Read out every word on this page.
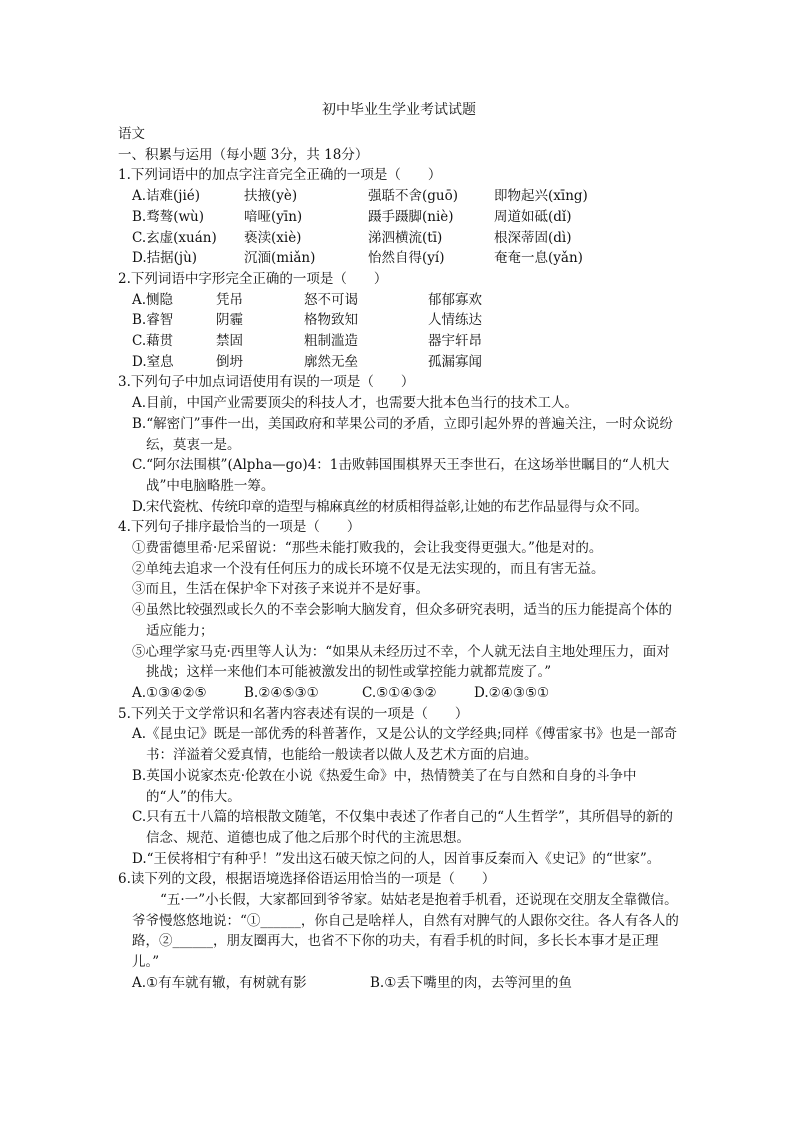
初中毕业生学业考试试题
语文
一、积累与运用（每小题 3分，共 18分）
1.下列词语中的加点字注音完全正确的一项是（　　）
A.诘难(jié)	扶掖(yè)	强聒不舍(guō)	即物起兴(xīng)
B.骛骜(wù)	喑哑(yīn)	蹑手蹑脚(niè)	周道如砥(dǐ)
C.玄虚(xuán)	亵渎(xiè)	涕泗横流(tī)	根深蒂固(dì)
D.拮据(jù)	沉湎(miǎn)	怡然自得(yí)	奄奄一息(yǎn)
2.下列词语中字形完全正确的一项是（　　）
A.恻隐	凭吊	怒不可谒	郁郁寡欢
B.睿智	阴霾	格物致知	人情练达
C.藉贯	禁固	粗制滥造	器宇轩昂
D.窒息	倒坍	廓然无垒	孤漏寡闻
3.下列句子中加点词语使用有误的一项是（　　）
A.目前，中国产业需要顶尖的科技人才，也需要大批本色当行的技术工人。
B.“解密门”事件一出，美国政府和苹果公司的矛盾，立即引起外界的普遍关注，一时众说纷纭，莫衷一是。
C.“阿尔法围棋”(Alpha—go)4：1击败韩国围棋界天王李世石，在这场举世瞩目的“人机大战”中电脑略胜一筹。
D.宋代瓷枕、传统印章的造型与棉麻真丝的材质相得益彰,让她的布艺作品显得与众不同。
4.下列句子排序最恰当的一项是（　　）
①费雷德里希·尼采留说：“那些未能打败我的，会让我变得更强大。”他是对的。
②单纯去追求一个没有任何压力的成长环境不仅是无法实现的，而且有害无益。
③而且，生活在保护伞下对孩子来说并不是好事。
④虽然比较强烈或长久的不幸会影响大脑发育，但众多研究表明，适当的压力能提高个体的适应能力；
⑤心理学家马克·西里等人认为：“如果从未经历过不幸，个人就无法自主地处理压力，面对挑战；这样一来他们本可能被激发出的韧性或掌控能力就都荒废了。”
A.①③④②⑤	B.②④⑤③①	C.⑤①④③②	D.②④③⑤①
5.下列关于文学常识和名著内容表述有误的一项是（　　）
A.《昆虫记》既是一部优秀的科普著作，又是公认的文学经典;同样《傅雷家书》也是一部奇书：洋溢着父爱真情，也能给一般读者以做人及艺术方面的启迪。
B.英国小说家杰克·伦敦在小说《热爱生命》中，热情赞美了在与自然和自身的斗争中的“人”的伟大。
C.只有五十八篇的培根散文随笔，不仅集中表述了作者自己的“人生哲学”，其所倡导的新的信念、规范、道德也成了他之后那个时代的主流思想。
D.“王侯将相宁有种乎！”发出这石破天惊之问的人，因首事反秦而入《史记》的“世家”。
6.读下列的文段，根据语境选择俗语运用恰当的一项是（　　）
“五·一”小长假，大家都回到爷爷家。姑姑老是抱着手机看，还说现在交朋友全靠微信。爷爷慢悠悠地说：“①______，你自己是啥样人，自然有对脾气的人跟你交往。各人有各人的路，②______，朋友圈再大，也省不下你的功夫，有看手机的时间，多长长本事才是正理儿。”
A.①有车就有辙，有树就有影	B.①丢下嘴里的肉，去等河里的鱼
